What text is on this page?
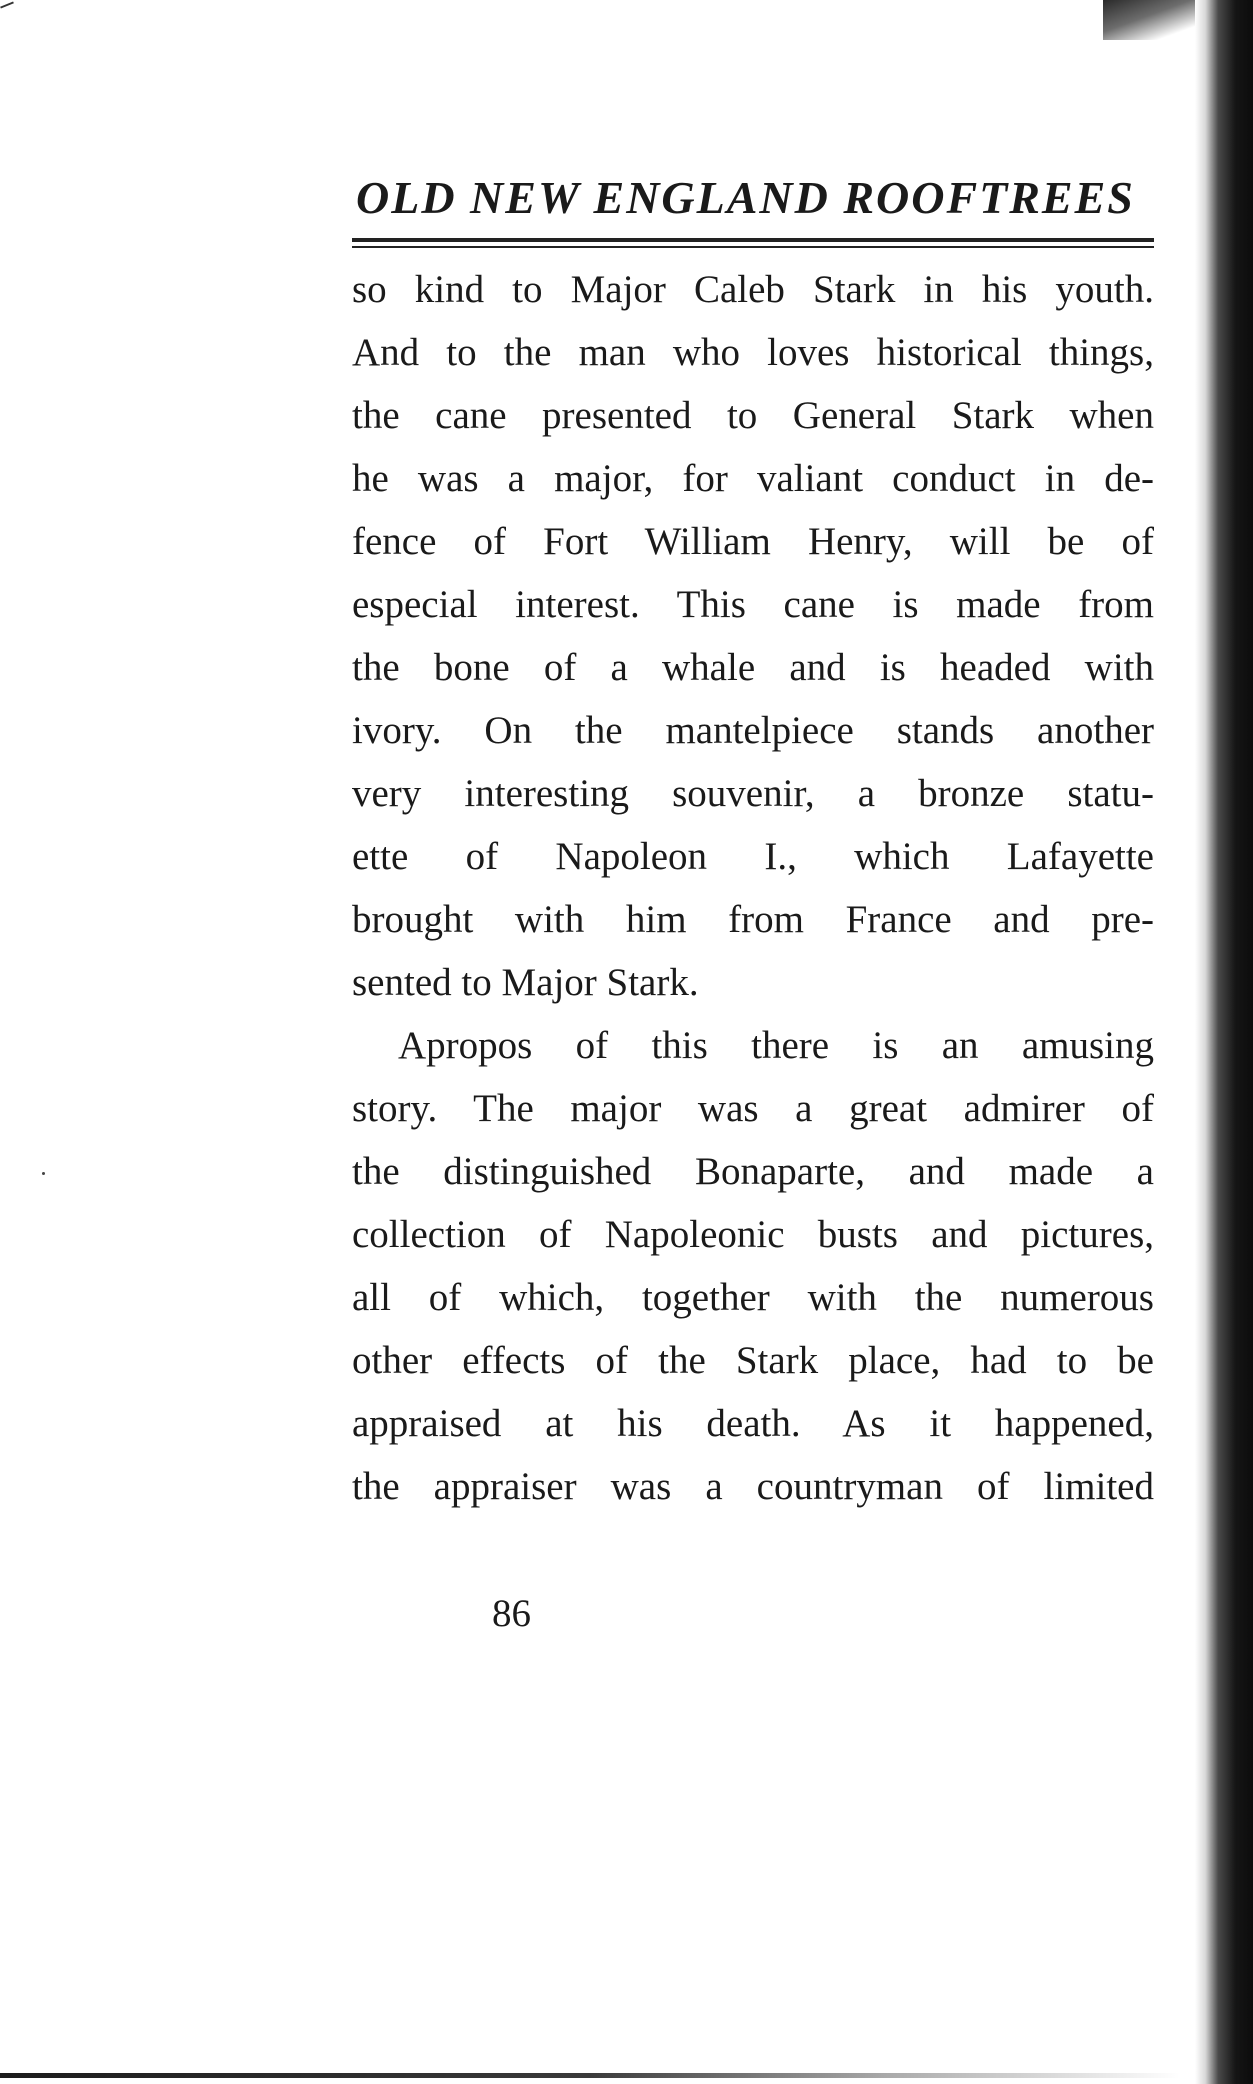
OLD NEW ENGLAND ROOFTREES
so kind to Major Caleb Stark in his youth.
And to the man who loves historical things,
the cane presented to General Stark when
he was a major, for valiant conduct in de-
fence of Fort William Henry, will be of
especial interest. This cane is made from
the bone of a whale and is headed with
ivory. On the mantelpiece stands another
very interesting souvenir, a bronze statu-
ette of Napoleon I., which Lafayette
brought with him from France and pre-
sented to Major Stark.
Apropos of this there is an amusing
story. The major was a great admirer of
the distinguished Bonaparte, and made a
collection of Napoleonic busts and pictures,
all of which, together with the numerous
other effects of the Stark place, had to be
appraised at his death. As it happened,
the appraiser was a countryman of limited

86
